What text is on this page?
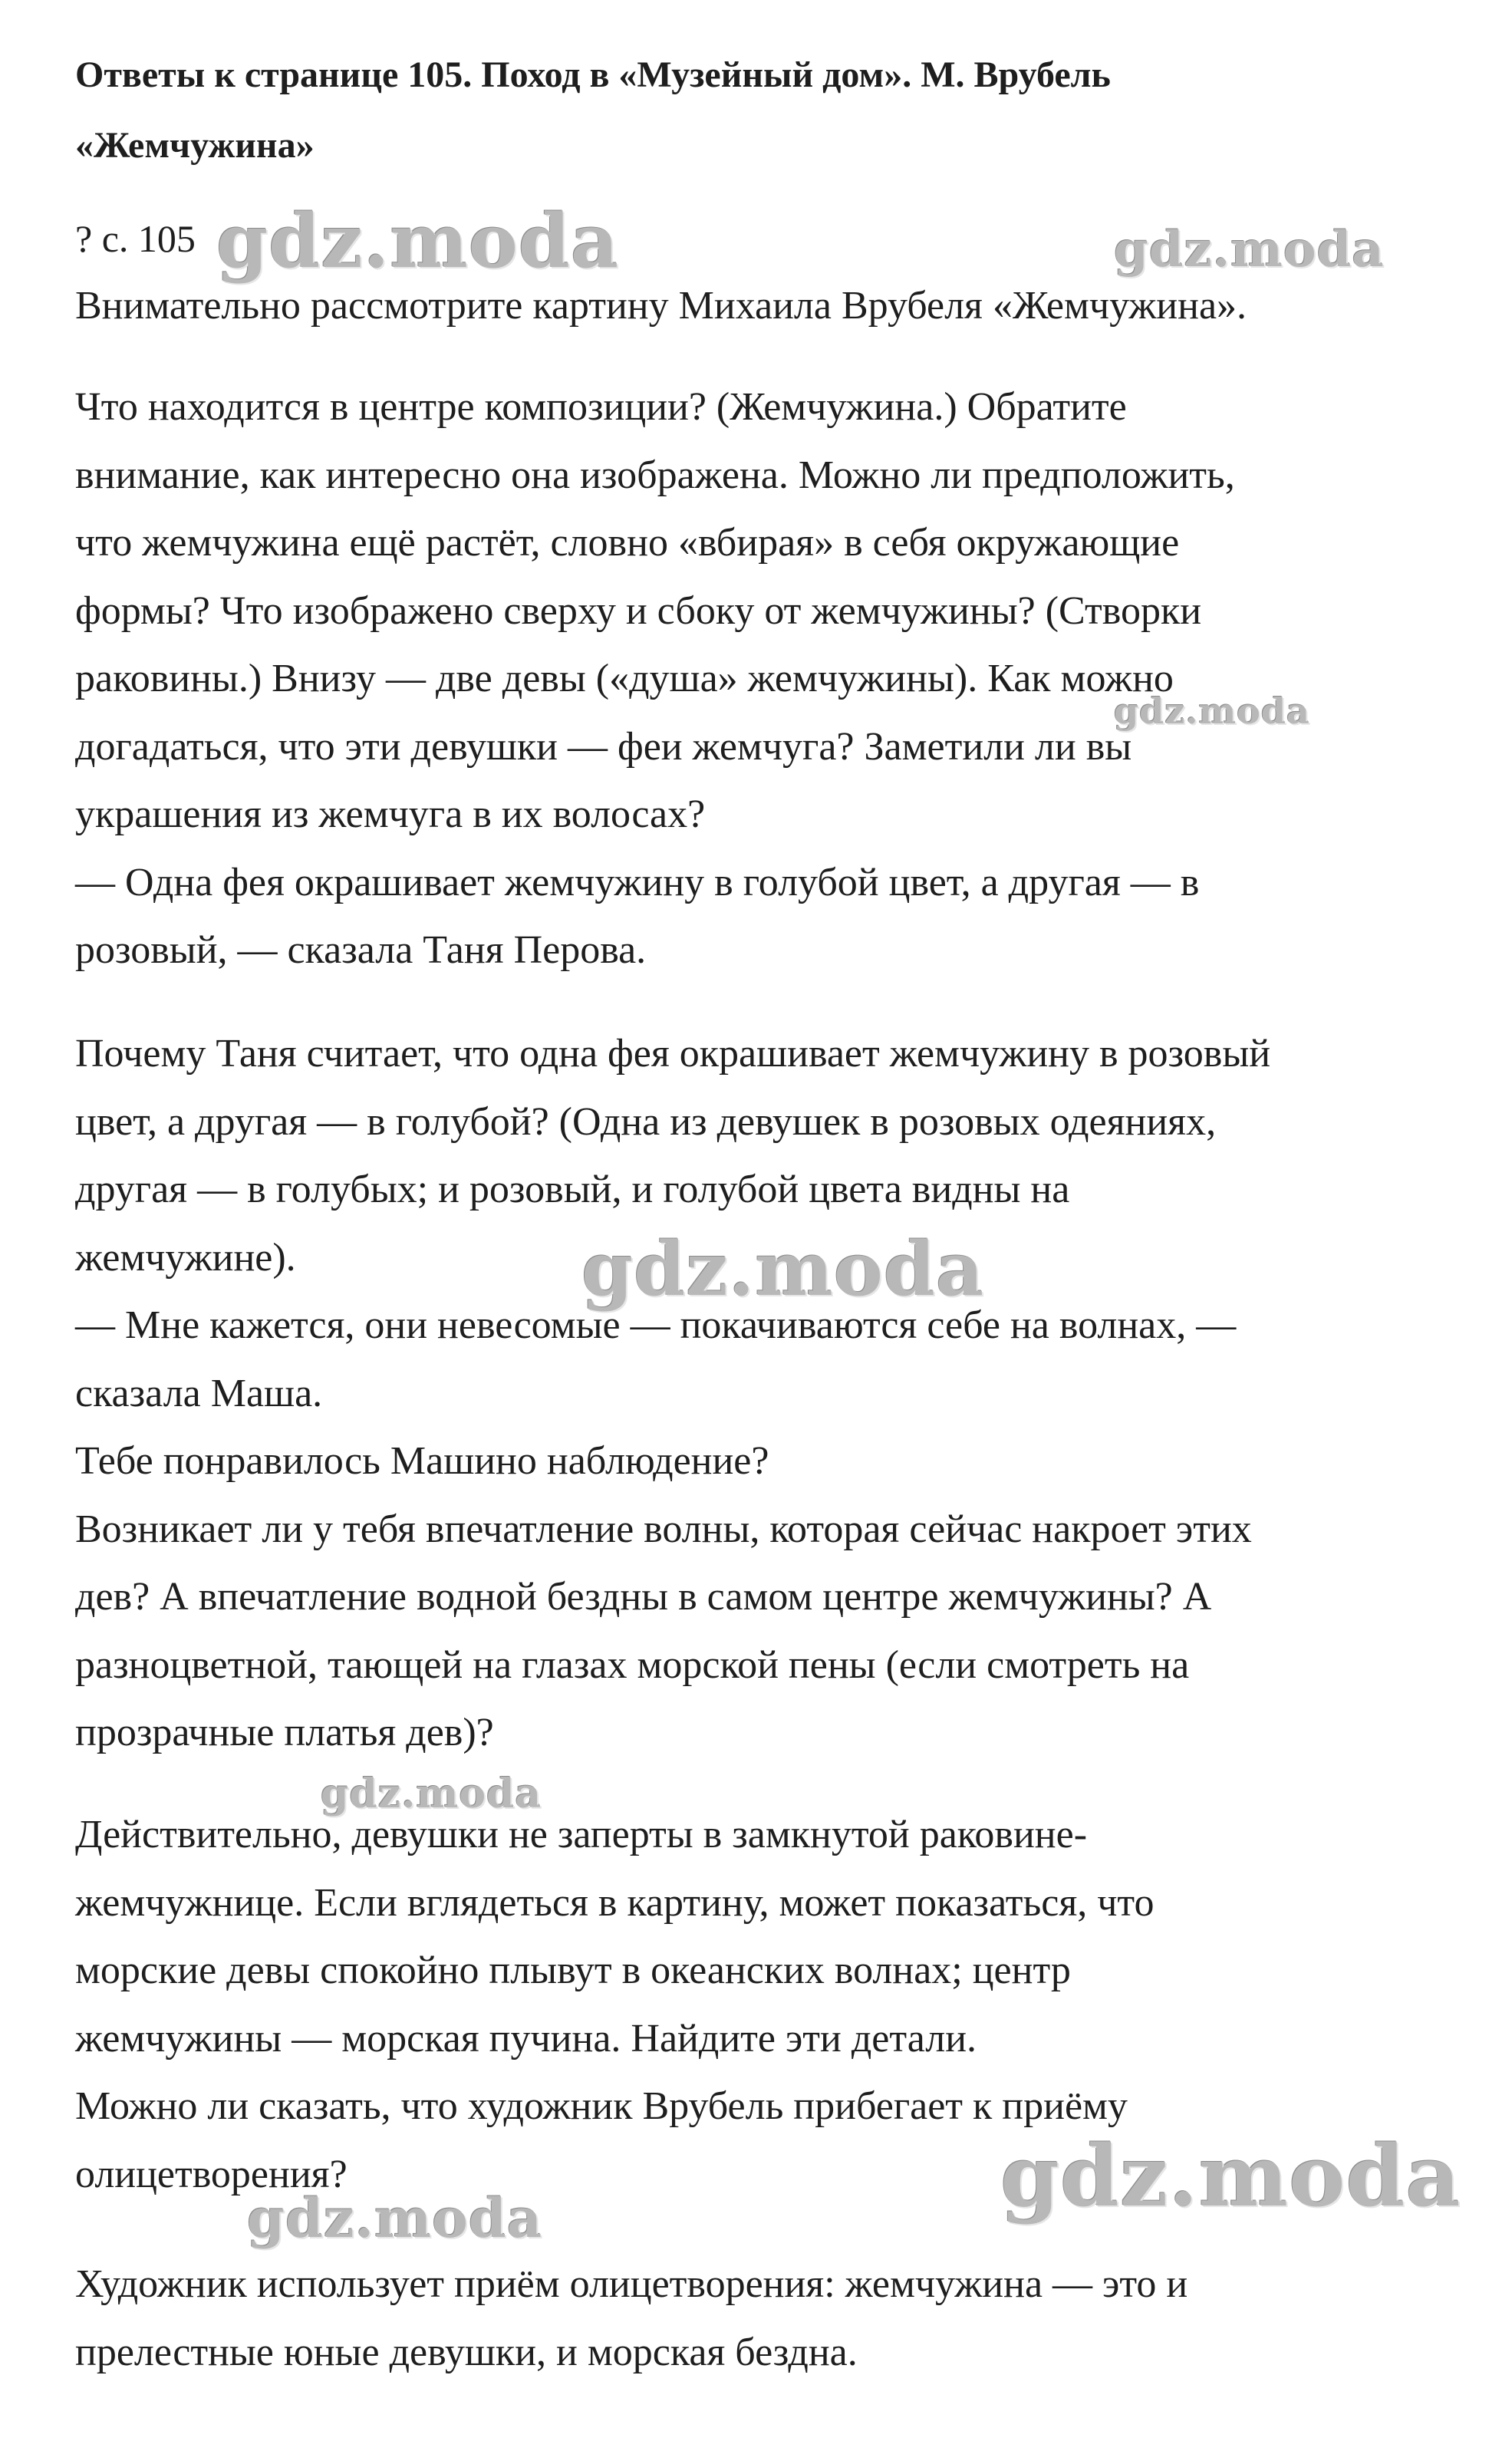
Ответы к странице 105. Поход в «Музейный дом». М. Врубель
«Жемчужина»
? с. 105
Внимательно рассмотрите картину Михаила Врубеля «Жемчужина».
Что находится в центре композиции? (Жемчужина.) Обратите
внимание, как интересно она изображена. Можно ли предположить,
что жемчужина ещё растёт, словно «вбирая» в себя окружающие
формы? Что изображено сверху и сбоку от жемчужины? (Створки
раковины.) Внизу — две девы («душа» жемчужины). Как можно
догадаться, что эти девушки — феи жемчуга? Заметили ли вы
украшения из жемчуга в их волосах?
— Одна фея окрашивает жемчужину в голубой цвет, а другая — в
розовый, — сказала Таня Перова.
Почему Таня считает, что одна фея окрашивает жемчужину в розовый
цвет, а другая — в голубой? (Одна из девушек в розовых одеяниях,
другая — в голубых; и розовый, и голубой цвета видны на
жемчужине).
— Мне кажется, они невесомые — покачиваются себе на волнах, —
сказала Маша.
Тебе понравилось Машино наблюдение?
Возникает ли у тебя впечатление волны, которая сейчас накроет этих
дев? А впечатление водной бездны в самом центре жемчужины? А
разноцветной, тающей на глазах морской пены (если смотреть на
прозрачные платья дев)?
Действительно, девушки не заперты в замкнутой раковине-
жемчужнице. Если вглядеться в картину, может показаться, что
морские девы спокойно плывут в океанских волнах; центр
жемчужины — морская пучина. Найдите эти детали.
Можно ли сказать, что художник Врубель прибегает к приёму
олицетворения?
Художник использует приём олицетворения: жемчужина — это и
прелестные юные девушки, и морская бездна.
gdz.moda	gdz.moda
gdz.moda
gdz.moda
gdz.moda
gdz.moda
gdz.moda
